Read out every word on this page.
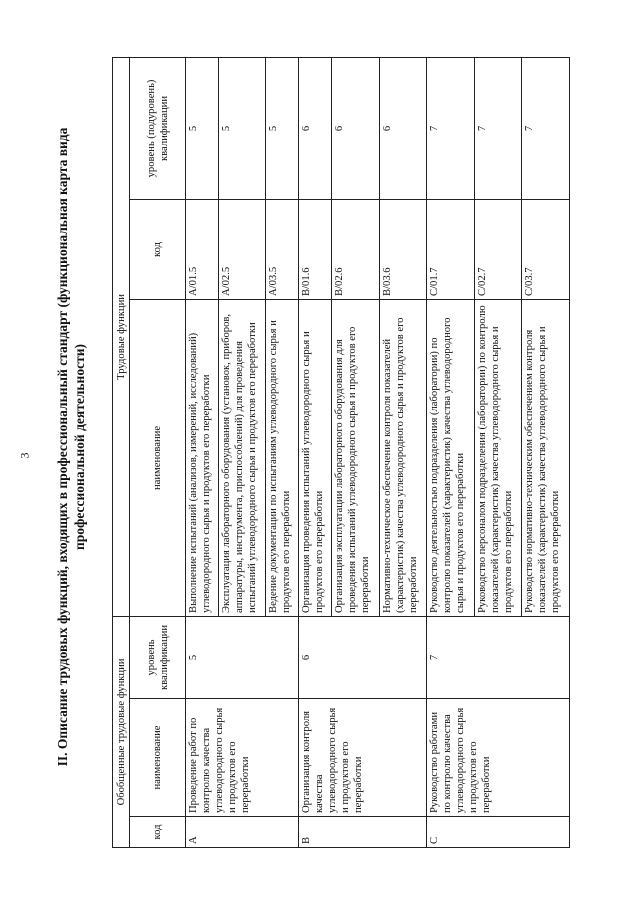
3 II. Описание трудовых функций, входящих в профессиональный стандарт (функциональная карта вида профессиональной деятельности)
Обобщенные трудовые функции			Трудовые функции		
код	наименование	уровень квалификации	наименование	код	уровень (подуровень) квалификации
A	Проведение работ по контролю качества углеводородного сырья и продуктов его переработки	5	Выполнение испытаний (анализов, измерений, исследований) углеводородного сырья и продуктов его переработки	A/01.5	5
			Эксплуатация лабораторного оборудования (установок, приборов, аппаратуры, инструмента, приспособлений) для проведения испытаний углеводородного сырья и продуктов его переработки	A/02.5	5
			Ведение документации по испытаниям углеводородного сырья и продуктов его переработки	A/03.5	5
B	Организация контроля качества углеводородного сырья и продуктов его переработки	6	Организация проведения испытаний углеводородного сырья и продуктов его переработки	B/01.6	6
			Организация эксплуатации лабораторного оборудования для проведения испытаний углеводородного сырья и продуктов его переработки	B/02.6	6
			Нормативно-техническое обеспечение контроля показателей (характеристик) качества углеводородного сырья и продуктов его переработки	B/03.6	6
C	Руководство работами по контролю качества углеводородного сырья и продуктов его переработки	7	Руководство деятельностью подразделения (лаборатории) по контролю показателей (характеристик) качества углеводородного сырья и продуктов его переработки	C/01.7	7
			Руководство персоналом подразделения (лаборатории) по контролю показателей (характеристик) качества углеводородного сырья и продуктов его переработки	C/02.7	7
			Руководство нормативно-техническим обеспечением контроля показателей (характеристик) качества углеводородного сырья и продуктов его переработки	C/03.7	7
